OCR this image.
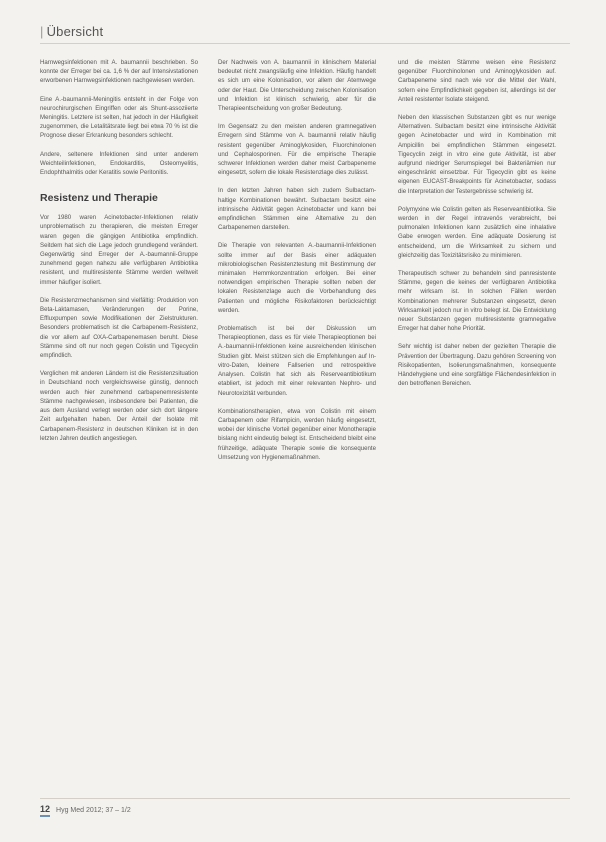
| Übersicht

Harnwegsinfektionen mit A. baumannii beschrieben. So konnte der Erreger bei ca. 1,6 % der auf Intensivstationen erworbenen Harnwegsinfektionen nachgewiesen werden.

Eine A.-baumannii-Meningitis entsteht in der Folge von neurochirurgischen Eingriffen oder als Shunt-assoziierte Meningitis. Letztere ist selten, hat jedoch in der Häufigkeit zugenommen, die Letalitätsrate liegt bei etwa 70 % ist die Prognose dieser Erkrankung besonders schlecht.

Andere, seltenere Infektionen sind unter anderem Weichteilinfektionen, Endokarditis, Osteomyelitis, Endophthalmitis oder Keratitis sowie Peritonitis.

Resistenz und Therapie

Vor 1980 waren Acinetobacter-Infektionen relativ unproblematisch zu therapieren, die meisten Erreger waren gegen die gängigen Antibiotika empfindlich. Seitdem hat sich die Lage jedoch grundlegend verändert. Gegenwärtig sind Erreger der A.-baumannii-Gruppe zunehmend gegen nahezu alle verfügbaren Antibiotika resistent, und multiresistente Stämme werden weltweit immer häufiger isoliert.

Die Resistenzmechanismen sind vielfältig: Produktion von Beta-Laktamasen, Veränderungen der Porine, Effluxpumpen sowie Modifikationen der Zielstrukturen. Besonders problematisch ist die Carbapenem-Resistenz, die vor allem auf OXA-Carbapenemasen beruht. Diese Stämme sind oft nur noch gegen Colistin und Tigecyclin empfindlich.

Verglichen mit anderen Ländern ist die Resistenzsituation in Deutschland noch vergleichsweise günstig, dennoch werden auch hier zunehmend carbapenemresistente Stämme nachgewiesen, insbesondere bei Patienten, die aus dem Ausland verlegt werden oder sich dort längere Zeit aufgehalten haben. Der Anteil der Isolate mit Carbapenem-Resistenz in deutschen Kliniken ist in den letzten Jahren deutlich angestiegen.

Der Nachweis von A. baumannii in klinischem Material bedeutet nicht zwangsläufig eine Infektion. Häufig handelt es sich um eine Kolonisation, vor allem der Atemwege oder der Haut. Die Unterscheidung zwischen Kolonisation und Infektion ist klinisch schwierig, aber für die Therapieentscheidung von großer Bedeutung.

Im Gegensatz zu den meisten anderen gramnegativen Erregern sind Stämme von A. baumannii relativ häufig resistent gegenüber Aminoglykosiden, Fluorchinolonen und Cephalosporinen. Für die empirische Therapie schwerer Infektionen werden daher meist Carbapeneme eingesetzt, sofern die lokale Resistenzlage dies zulässt.

In den letzten Jahren haben sich zudem Sulbactam-haltige Kombinationen bewährt. Sulbactam besitzt eine intrinsische Aktivität gegen Acinetobacter und kann bei empfindlichen Stämmen eine Alternative zu den Carbapenemen darstellen.

Die Therapie von relevanten A.-baumannii-Infektionen sollte immer auf der Basis einer adäquaten mikrobiologischen Resistenztestung mit Bestimmung der minimalen Hemmkonzentration erfolgen. Bei einer notwendigen empirischen Therapie sollten neben der lokalen Resistenzlage auch die Vorbehandlung des Patienten und mögliche Risikofaktoren berücksichtigt werden.

Problematisch ist bei der Diskussion um Therapieoptionen, dass es für viele Therapieoptionen bei A.-baumannii-Infektionen keine ausreichenden klinischen Studien gibt. Meist stützen sich die Empfehlungen auf In-vitro-Daten, kleinere Fallserien und retrospektive Analysen. Colistin hat sich als Reserveantibiotikum etabliert, ist jedoch mit einer relevanten Nephro- und Neurotoxizität verbunden.

Kombinationstherapien, etwa von Colistin mit einem Carbapenem oder Rifampicin, werden häufig eingesetzt, wobei der klinische Vorteil gegenüber einer Monotherapie bislang nicht eindeutig belegt ist. Entscheidend bleibt eine frühzeitige, adäquate Therapie sowie die konsequente Umsetzung von Hygienemaßnahmen.

und die meisten Stämme weisen eine Resistenz gegenüber Fluorchinolonen und Aminoglykosiden auf. Carbapeneme sind nach wie vor die Mittel der Wahl, sofern eine Empfindlichkeit gegeben ist, allerdings ist der Anteil resistenter Isolate steigend.

Neben den klassischen Substanzen gibt es nur wenige Alternativen. Sulbactam besitzt eine intrinsische Aktivität gegen Acinetobacter und wird in Kombination mit Ampicillin bei empfindlichen Stämmen eingesetzt. Tigecyclin zeigt in vitro eine gute Aktivität, ist aber aufgrund niedriger Serumspiegel bei Bakteriämien nur eingeschränkt einsetzbar. Für Tigecyclin gibt es keine eigenen EUCAST-Breakpoints für Acinetobacter, sodass die Interpretation der Testergebnisse schwierig ist.

Polymyxine wie Colistin gelten als Reserveantibiotika. Sie werden in der Regel intravenös verabreicht, bei pulmonalen Infektionen kann zusätzlich eine inhalative Gabe erwogen werden. Eine adäquate Dosierung ist entscheidend, um die Wirksamkeit zu sichern und gleichzeitig das Toxizitätsrisiko zu minimieren.

Therapeutisch schwer zu behandeln sind panresistente Stämme, gegen die keines der verfügbaren Antibiotika mehr wirksam ist. In solchen Fällen werden Kombinationen mehrerer Substanzen eingesetzt, deren Wirksamkeit jedoch nur in vitro belegt ist. Die Entwicklung neuer Substanzen gegen multiresistente gramnegative Erreger hat daher hohe Priorität.

Sehr wichtig ist daher neben der gezielten Therapie die Prävention der Übertragung. Dazu gehören Screening von Risikopatienten, Isolierungsmaßnahmen, konsequente Händehygiene und eine sorgfältige Flächendesinfektion in den betroffenen Bereichen.

12 Hyg Med 2012; 37 – 1/2
